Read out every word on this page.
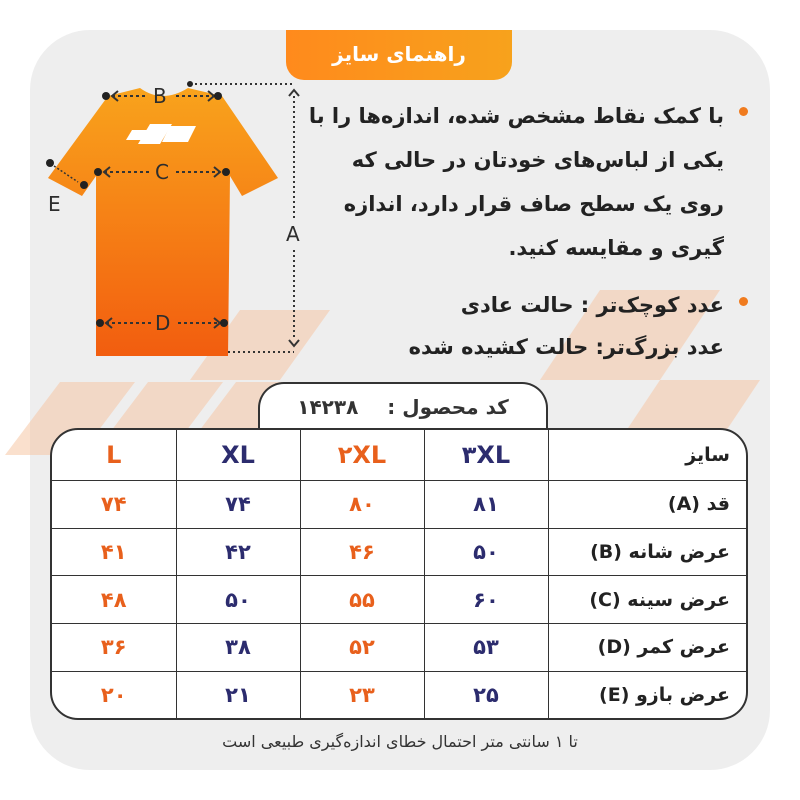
راهنمای سایز
B
C
D
E
A
با کمک نقاط مشخص شده، اندازه‌ها را با یکی از لباس‌های خودتان در حالی که روی یک سطح صاف قرار دارد، اندازه گیری و مقایسه کنید.
عدد کوچک‌تر : حالت عادی
عدد بزرگ‌تر: حالت کشیده شده
کد محصول : ۱۴۲۳۸
سایز	۳XL	۲XL	XL	L
قد (A)	۸۱	۸۰	۷۴	۷۴
عرض شانه (B)	۵۰	۴۶	۴۲	۴۱
عرض سینه (C)	۶۰	۵۵	۵۰	۴۸
عرض کمر (D)	۵۳	۵۲	۳۸	۳۶
عرض بازو (E)	۲۵	۲۳	۲۱	۲۰
تا ۱ سانتی متر احتمال خطای اندازه‌گیری طبیعی است
